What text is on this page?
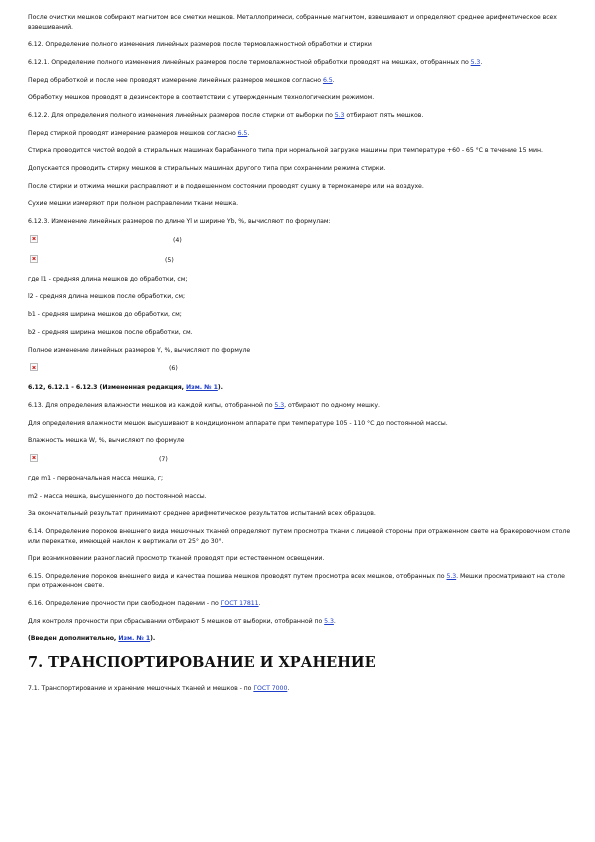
После очистки мешков собирают магнитом все сметки мешков. Металлопримеси, собранные магнитом, взвешивают и определяют среднее арифметическое всех взвешиваний.

6.12. Определение полного изменения линейных размеров после термовлажностной обработки и стирки

6.12.1. Определение полного изменения линейных размеров после термовлажностной обработки проводят на мешках, отобранных по 5.3.

Перед обработкой и после нее проводят измерение линейных размеров мешков согласно 6.5.

Обработку мешков проводят в дезинсекторе в соответствии с утвержденным технологическим режимом.

6.12.2. Для определения полного изменения линейных размеров после стирки от выборки по 5.3 отбирают пять мешков.

Перед стиркой проводят измерение размеров мешков согласно 6.5.

Стирка проводится чистой водой в стиральных машинах барабанного типа при нормальной загрузке машины при температуре +60 - 65 °С в течение 15 мин.

Допускается проводить стирку мешков в стиральных машинах другого типа при сохранении режима стирки.

После стирки и отжима мешки расправляют и в подвешенном состоянии проводят сушку в термокамере или на воздухе.

Сухие мешки измеряют при полном расправлении ткани мешка.

6.12.3. Изменение линейных размеров по длине Yl и ширине Yb, %, вычисляют по формулам:

(4)
(5)

где l1 - средняя длина мешков до обработки, см;

l2 - средняя длина мешков после обработки, см;

b1 - средняя ширина мешков до обработки, см;

b2 - средняя ширина мешков после обработки, см.

Полное изменение линейных размеров Y, %, вычисляют по формуле

(6)

6.12, 6.12.1 - 6.12.3 (Измененная редакция, Изм. № 1).

6.13. Для определения влажности мешков из каждой кипы, отобранной по 5.3, отбирают по одному мешку.

Для определения влажности мешок высушивают в кондиционном аппарате при температуре 105 - 110 °С до постоянной массы.

Влажность мешка W, %, вычисляют по формуле

(7)

где m1 - первоначальная масса мешка, г;

m2 - масса мешка, высушенного до постоянной массы.

За окончательный результат принимают среднее арифметическое результатов испытаний всех образцов.

6.14. Определение пороков внешнего вида мешочных тканей определяют путем просмотра ткани с лицевой стороны при отраженном свете на бракеровочном столе или перекатке, имеющей наклон к вертикали от 25° до 30°.

При возникновении разногласий просмотр тканей проводят при естественном освещении.

6.15. Определение пороков внешнего вида и качества пошива мешков проводят путем просмотра всех мешков, отобранных по 5.3. Мешки просматривают на столе при отраженном свете.

6.16. Определение прочности при свободном падении - по ГОСТ 17811.

Для контроля прочности при сбрасывании отбирают 5 мешков от выборки, отобранной по 5.3.

(Введен дополнительно, Изм. № 1).

7. ТРАНСПОРТИРОВАНИЕ И ХРАНЕНИЕ

7.1. Транспортирование и хранение мешочных тканей и мешков - по ГОСТ 7000.
